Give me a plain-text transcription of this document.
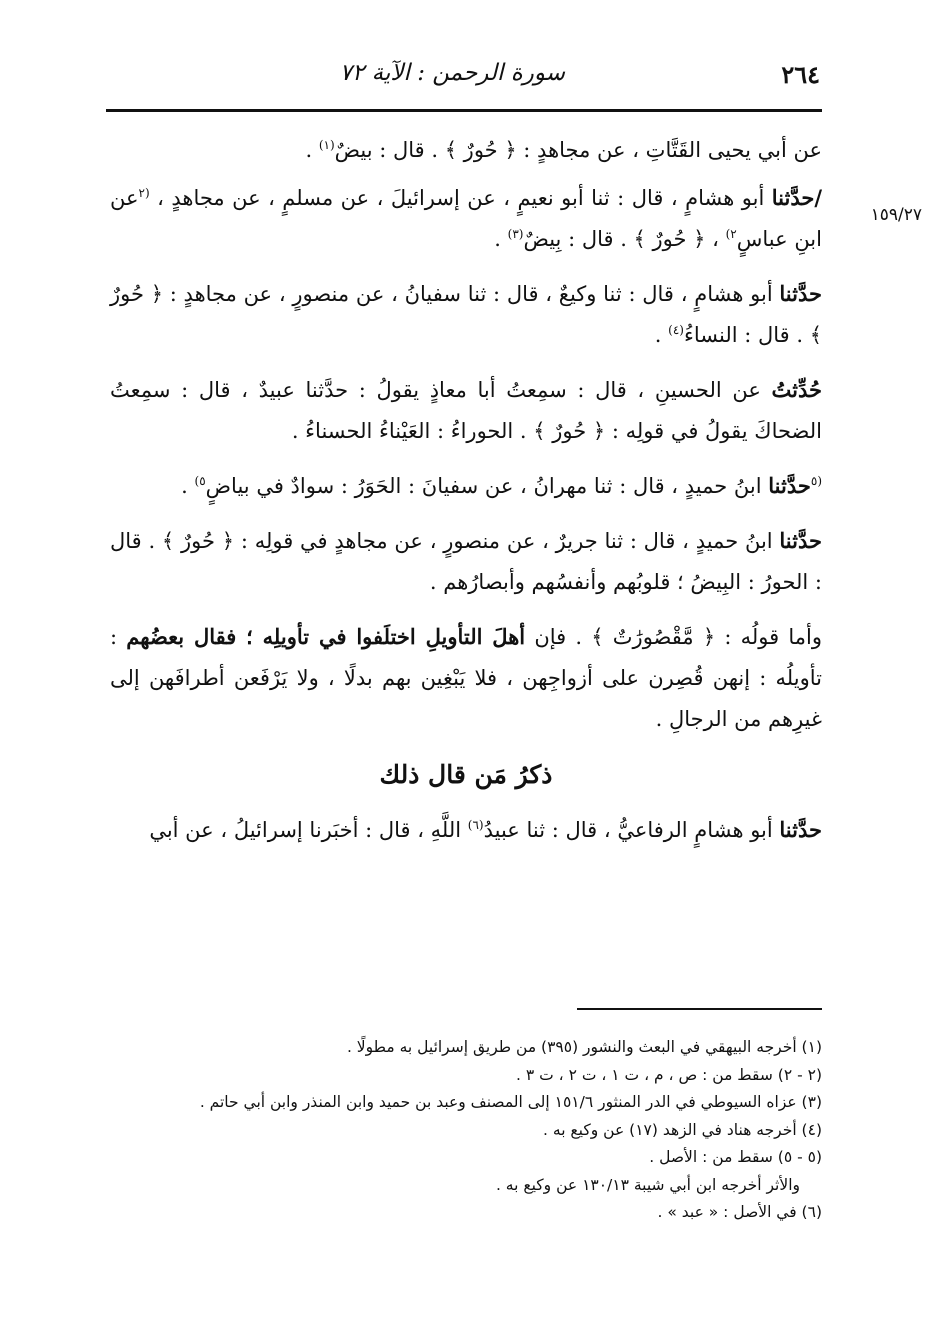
٢٦٤
سورة الرحمن : الآية ٧٢
١٥٩/٢٧

عن أبي يحيى القَتَّاتِ ، عن مجاهدٍ : ﴿ حُورٌ ﴾ . قال : بيضٌ$^{(١)}$ .

/حدَّثنا أبو هشامٍ ، قال : ثنا أبو نعيمٍ ، عن إسرائيلَ ، عن مسلمٍ ، عن مجاهدٍ ، $^{(٢}$عن ابنِ عباسٍ$^{٢)}$ ، ﴿ حُورٌ ﴾ . قال : بِيضٌ$^{(٣)}$ .

حدَّثنا أبو هشامٍ ، قال : ثنا وكيعٌ ، قال : ثنا سفيانُ ، عن منصورٍ ، عن مجاهدٍ : ﴿ حُورٌ ﴾ . قال : النساءُ$^{(٤)}$ .

حُدِّثتُ عن الحسينِ ، قال : سمِعتُ أبا معاذٍ يقولُ : حدَّثنا عبيدٌ ، قال : سمِعتُ الضحاكَ يقولُ في قولِه : ﴿ حُورٌ ﴾ . الحوراءُ : العَيْناءُ الحسناءُ .

$^{(٥}$حدَّثنا ابنُ حميدٍ ، قال : ثنا مهرانُ ، عن سفيانَ : الحَوَرُ : سوادٌ في بياضٍ$^{٥)}$ .

حدَّثنا ابنُ حميدٍ ، قال : ثنا جريرٌ ، عن منصورٍ ، عن مجاهدٍ في قولِه : ﴿ حُورٌ ﴾ . قال : الحورُ : البِيضُ ؛ قلوبُهم وأنفسُهم وأبصارُهم .

وأما قولُه : ﴿ مَّقْصُورَٰتٌ ﴾ . فإن أهلَ التأويلِ اختلَفوا في تأويلِه ؛ فقال بعضُهم : تأويلُه : إنهن قُصِرن على أزواجِهن ، فلا يَبْغِين بهم بدلًا ، ولا يَرْفَعن أطرافَهن إلى غيرِهم من الرجالِ .

ذكرُ مَن قال ذلك

حدَّثنا أبو هشامٍ الرفاعيُّ ، قال : ثنا عبيدُ$^{(٦)}$ اللَّهِ ، قال : أخبَرنا إسرائيلُ ، عن أبي

(١) أخرجه البيهقي في البعث والنشور (٣٩٥) من طريق إسرائيل به مطولًا .

(٢ - ٢) سقط من : ص ، م ، ت ١ ، ت ٢ ، ت ٣ .

(٣) عزاه السيوطي في الدر المنثور ١٥١/٦ إلى المصنف وعبد بن حميد وابن المنذر وابن أبي حاتم .

(٤) أخرجه هناد في الزهد (١٧) عن وكيع به .

(٥ - ٥) سقط من : الأصل .

والأثر أخرجه ابن أبي شيبة ١٣٠/١٣ عن وكيع به .

(٦) في الأصل : « عبد » .
